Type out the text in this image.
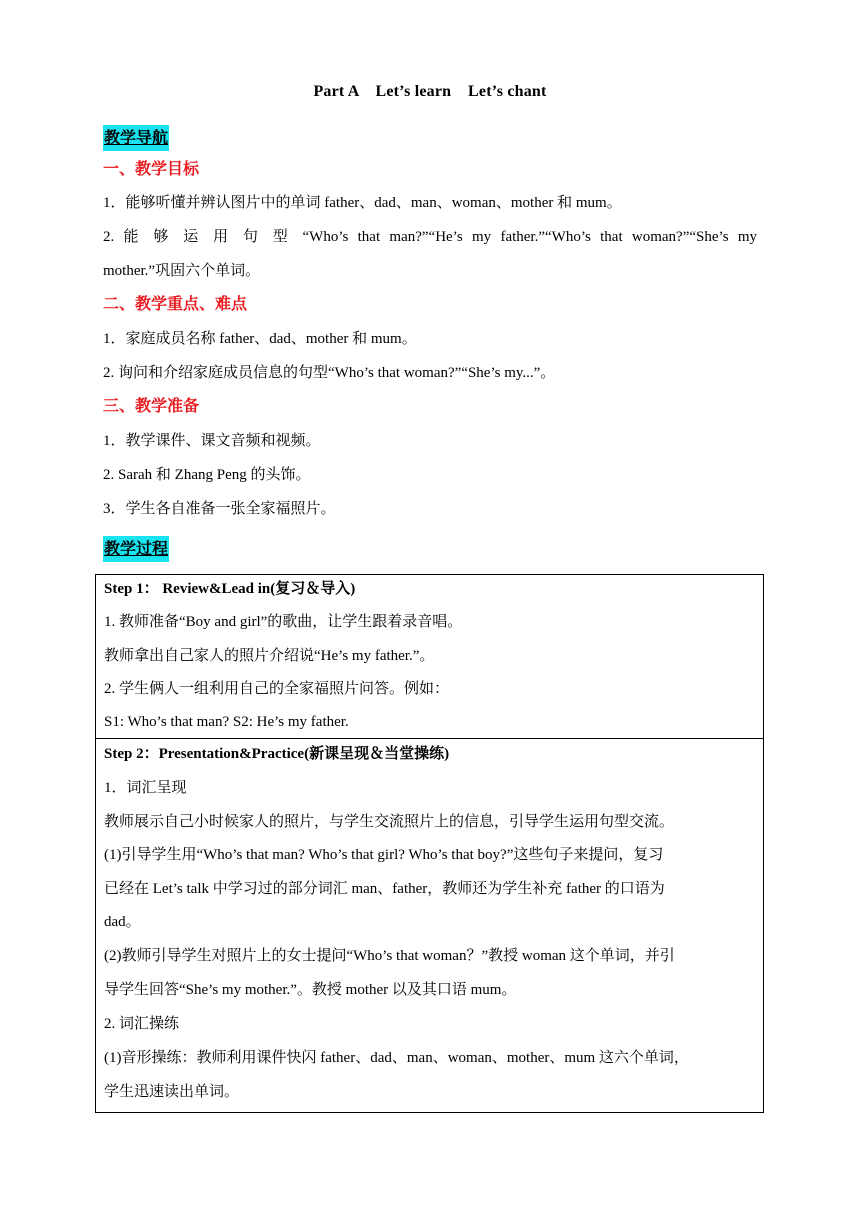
Part A    Let’s learn    Let’s chant
教学导航
一、教学目标
1．能够听懂并辨认图片中的单词 father、dad、man、woman、mother 和 mum。
2. 能 够 运 用 句 型 “Who’s that man?”“He’s my father.”“Who’s that woman?”“She’s my
mother.”巩固六个单词。
二、教学重点、难点
1．家庭成员名称 father、dad、mother 和 mum。
2. 询问和介绍家庭成员信息的句型“Who’s that woman?”“She’s my...”。
三、教学准备
1．教学课件、课文音频和视频。
2. Sarah 和 Zhang Peng 的头饰。
3．学生各自准备一张全家福照片。
教学过程
Step 1： Review&Lead in(复习＆导入)
1. 教师准备“Boy and girl”的歌曲，让学生跟着录音唱。
教师拿出自己家人的照片介绍说“He’s my father.”。
2. 学生俩人一组利用自己的全家福照片问答。例如：
S1: Who’s that man? S2: He’s my father.
Step 2：Presentation&Practice(新课呈现＆当堂操练)
1．词汇呈现
教师展示自己小时候家人的照片，与学生交流照片上的信息，引导学生运用句型交流。
(1)引导学生用“Who’s that man? Who’s that girl? Who’s that boy?”这些句子来提问，复习
已经在 Let’s talk 中学习过的部分词汇 man、father，教师还为学生补充 father 的口语为
dad。
(2)教师引导学生对照片上的女士提问“Who’s that woman？”教授 woman 这个单词，并引
导学生回答“She’s my mother.”。教授 mother 以及其口语 mum。
2. 词汇操练
(1)音形操练：教师利用课件快闪 father、dad、man、woman、mother、mum 这六个单词，
学生迅速读出单词。
